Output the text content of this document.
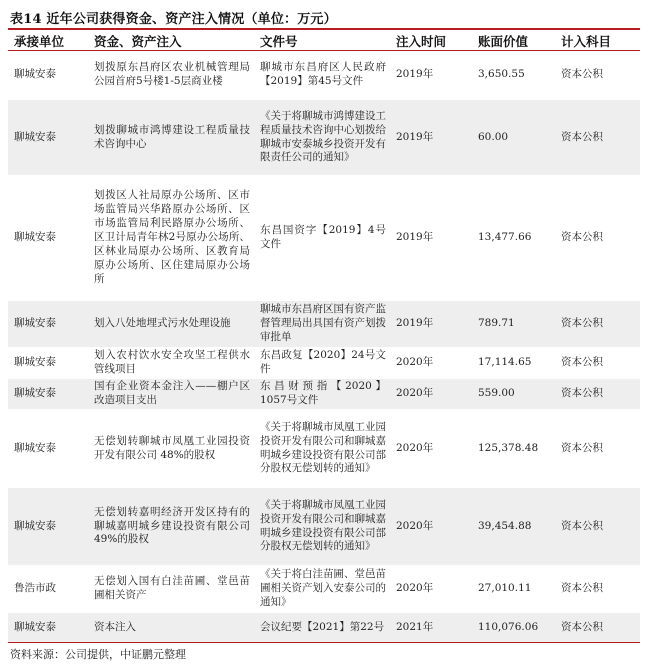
表14 近年公司获得资金、资产注入情况（单位：万元）
承接单位	资金、资产注入	文件号	注入时间	账面价值	计入科目
聊城安泰	划拨原东昌府区农业机械管理局公园首府5号楼1-5层商业楼	聊城市东昌府区人民政府【2019】第45号文件	2019年	3,650.55	资本公积
聊城安泰	划拨聊城市鸿博建设工程质量技术咨询中心	《关于将聊城市鸿博建设工程质量技术咨询中心划拨给聊城市安泰城乡投资开发有限责任公司的通知》	2019年	60.00	资本公积
聊城安泰	划拨区人社局原办公场所、区市场监管局兴华路原办公场所、区市场监管局利民路原办公场所、区卫计局青年林2号原办公场所、区林业局原办公场所、区教育局原办公场所、区住建局原办公场所	东昌国资字【2019】4号文件	2019年	13,477.66	资本公积
聊城安泰	划入八处地埋式污水处理设施	聊城市东昌府区国有资产监督管理局出具国有资产划拨审批单	2019年	789.71	资本公积
聊城安泰	划入农村饮水安全攻坚工程供水管线项目	东昌政复【2020】24号文件	2020年	17,114.65	资本公积
聊城安泰	国有企业资本金注入——棚户区改造项目支出	东昌财预指【2020】1057号文件	2020年	559.00	资本公积
聊城安泰	无偿划转聊城市凤凰工业园投资开发有限公司 48%的股权	《关于将聊城市凤凰工业园投资开发有限公司和聊城嘉明城乡建设投资有限公司部分股权无偿划转的通知》	2020年	125,378.48	资本公积
聊城安泰	无偿划转嘉明经济开发区持有的聊城嘉明城乡建设投资有限公司49%的股权	《关于将聊城市凤凰工业园投资开发有限公司和聊城嘉明城乡建设投资有限公司部分股权无偿划转的通知》	2020年	39,454.88	资本公积
鲁浩市政	无偿划入国有白洼苗圃、堂邑苗圃相关资产	《关于将白洼苗圃、堂邑苗圃相关资产划入安泰公司的通知》	2020年	27,010.11	资本公积
聊城安泰	资本注入	会议纪要【2021】第22号	2021年	110,076.06	资本公积
资料来源：公司提供，中证鹏元整理
